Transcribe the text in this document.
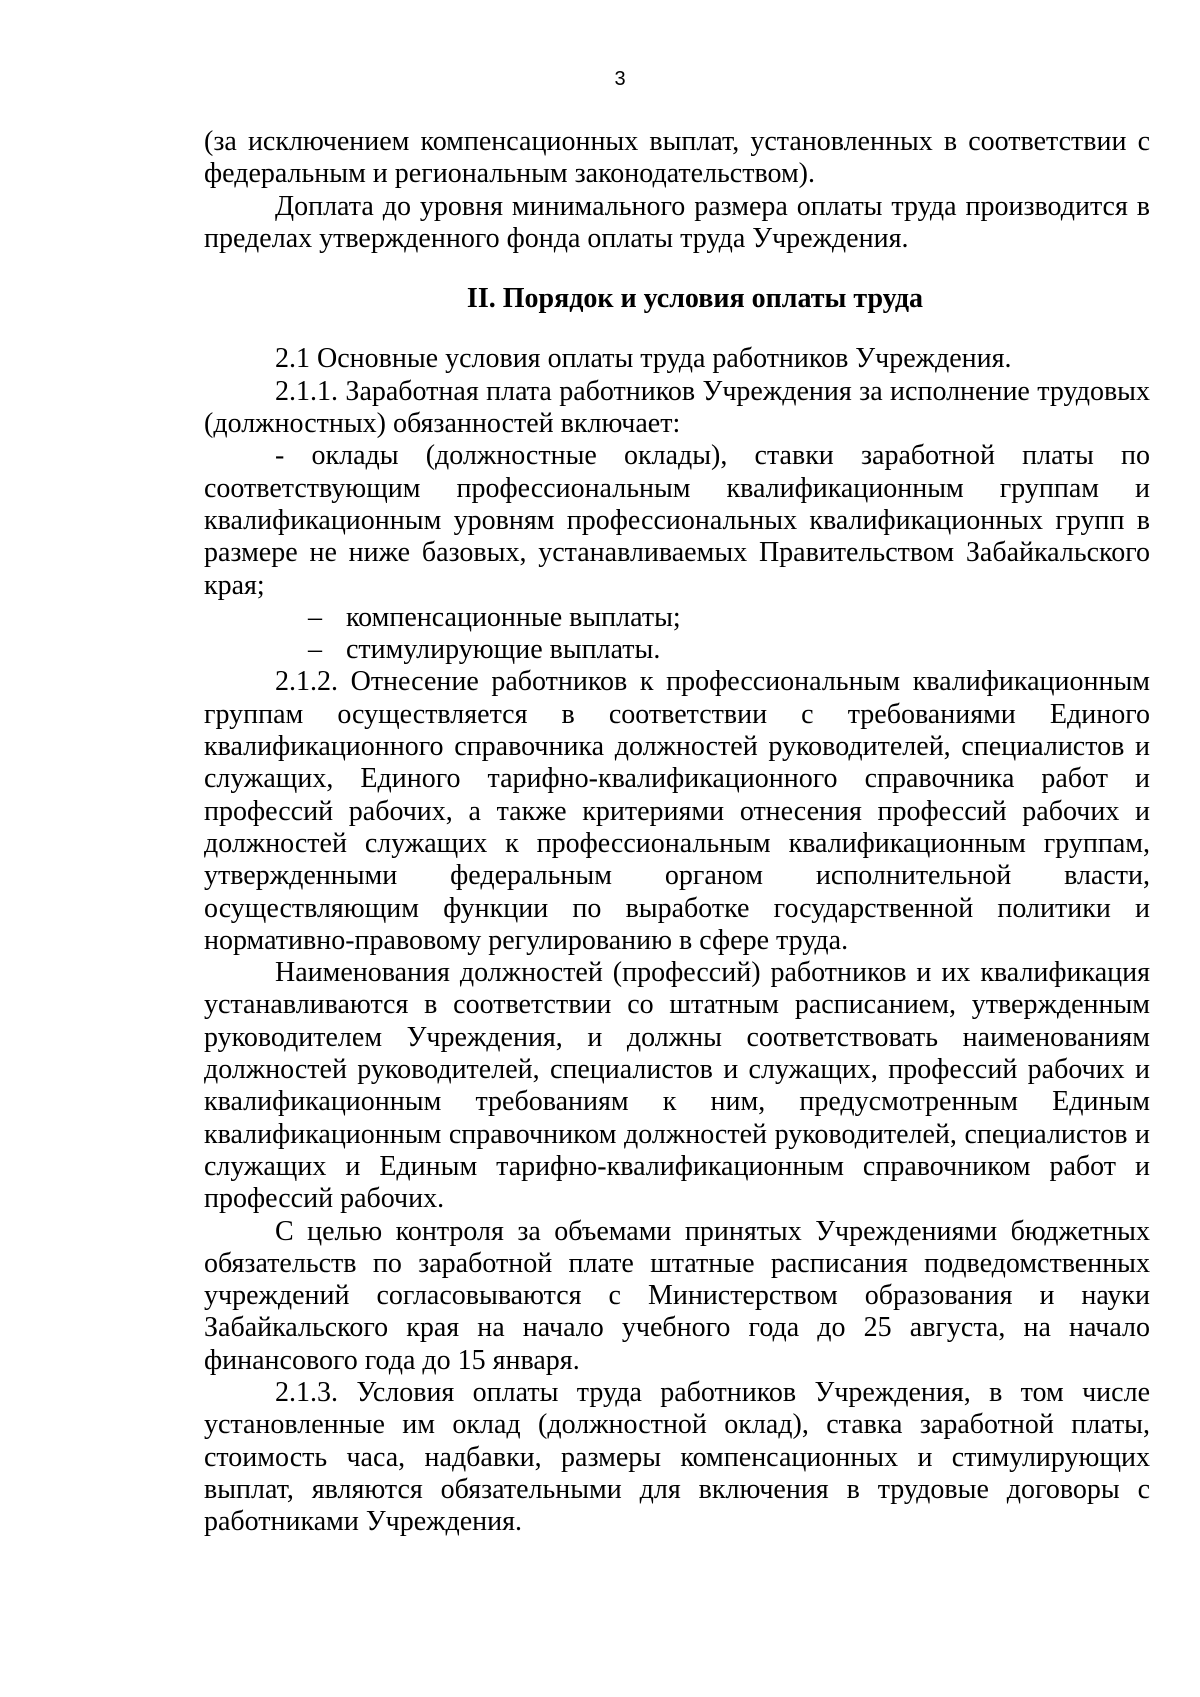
3

(за исключением компенсационных выплат, установленных в соответствии с федеральным и региональным законодательством).

Доплата до уровня минимального размера оплаты труда производится в пределах утвержденного фонда оплаты труда Учреждения.

II. Порядок и условия оплаты труда

2.1 Основные условия оплаты труда работников Учреждения.

2.1.1. Заработная плата работников Учреждения за исполнение трудовых (должностных) обязанностей включает:

- оклады (должностные оклады), ставки заработной платы по соответствующим профессиональным квалификационным группам и квалификационным уровням профессиональных квалификационных групп в размере не ниже базовых, устанавливаемых Правительством Забайкальского края;

– компенсационные выплаты;

– стимулирующие выплаты.

2.1.2. Отнесение работников к профессиональным квалификационным группам осуществляется в соответствии с требованиями Единого квалификационного справочника должностей руководителей, специалистов и служащих, Единого тарифно-квалификационного справочника работ и профессий рабочих, а также критериями отнесения профессий рабочих и должностей служащих к профессиональным квалификационным группам, утвержденными федеральным органом исполнительной власти, осуществляющим функции по выработке государственной политики и нормативно-правовому регулированию в сфере труда.

Наименования должностей (профессий) работников и их квалификация устанавливаются в соответствии со штатным расписанием, утвержденным руководителем Учреждения, и должны соответствовать наименованиям должностей руководителей, специалистов и служащих, профессий рабочих и квалификационным требованиям к ним, предусмотренным Единым квалификационным справочником должностей руководителей, специалистов и служащих и Единым тарифно-квалификационным справочником работ и профессий рабочих.

С целью контроля за объемами принятых Учреждениями бюджетных обязательств по заработной плате штатные расписания подведомственных учреждений согласовываются с Министерством образования и науки Забайкальского края на начало учебного года до 25 августа, на начало финансового года до 15 января.

2.1.3. Условия оплаты труда работников Учреждения, в том числе установленные им оклад (должностной оклад), ставка заработной платы, стоимость часа, надбавки, размеры компенсационных и стимулирующих выплат, являются обязательными для включения в трудовые договоры с работниками Учреждения.
